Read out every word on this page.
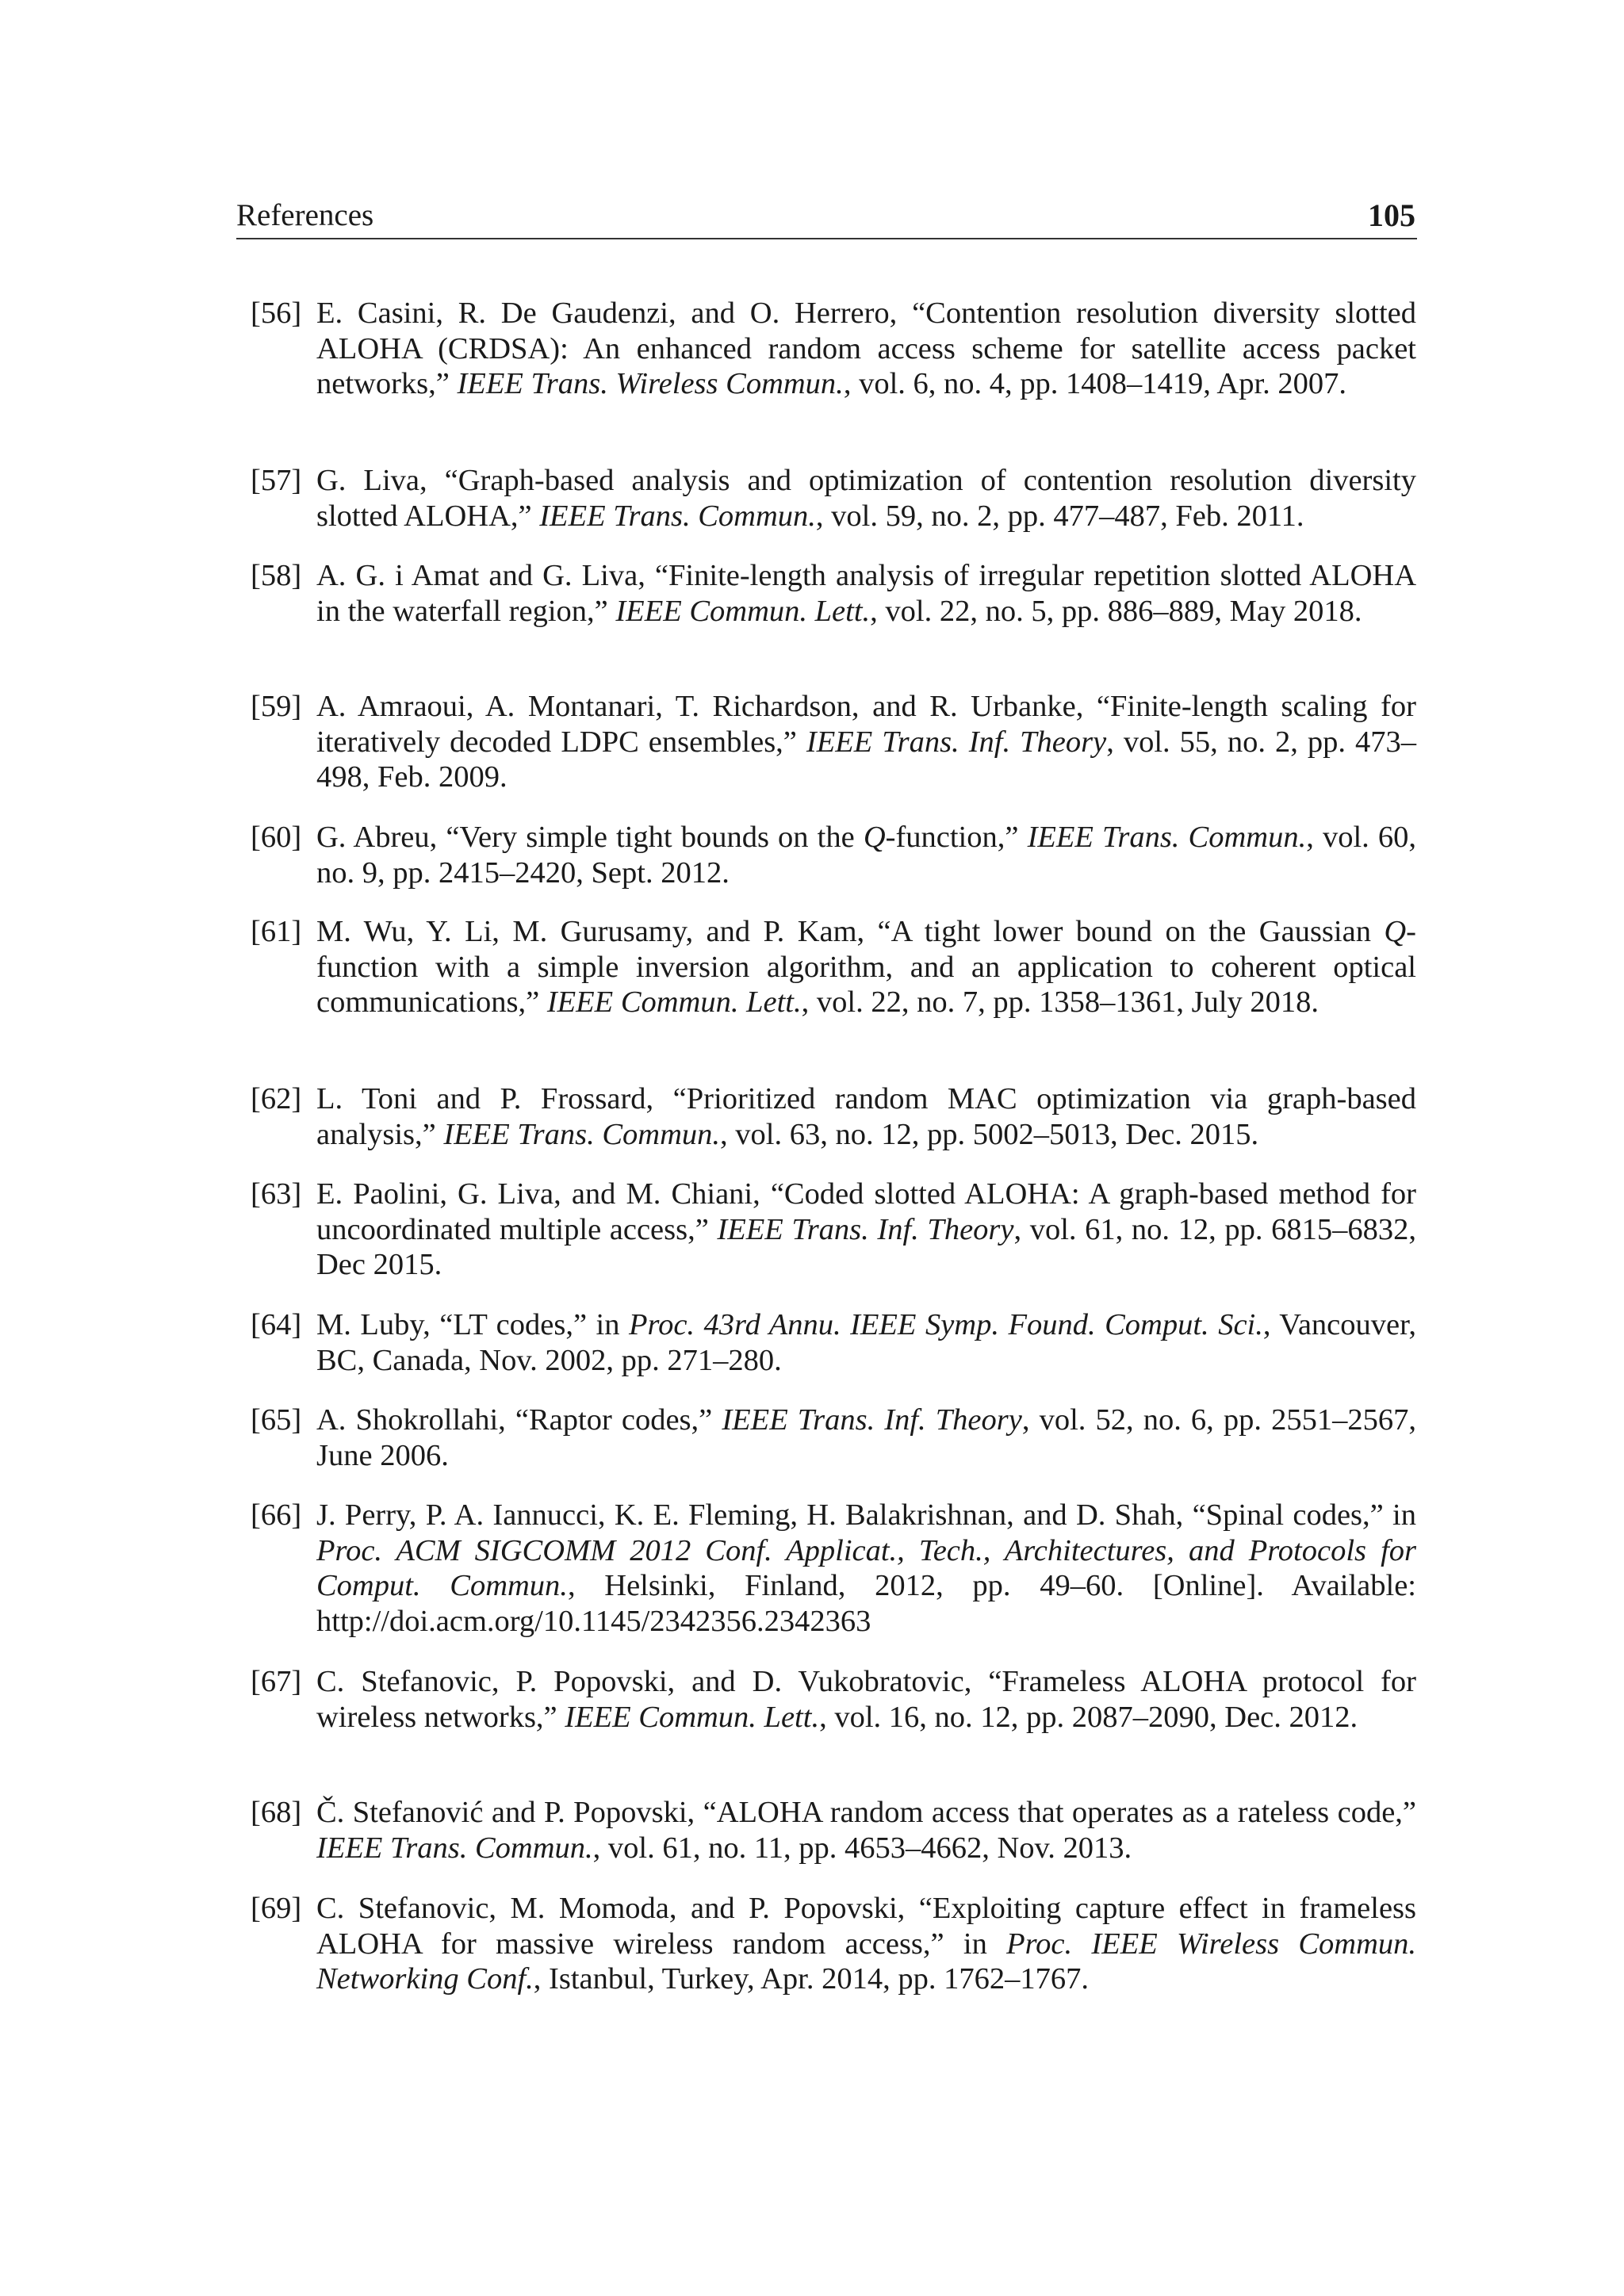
References	105
[56] E. Casini, R. De Gaudenzi, and O. Herrero, “Contention resolution diversity slotted ALOHA (CRDSA): An enhanced random access scheme for satellite access packet networks,” IEEE Trans. Wireless Commun., vol. 6, no. 4, pp. 1408–1419, Apr. 2007.
[57] G. Liva, “Graph-based analysis and optimization of contention resolution diversity slotted ALOHA,” IEEE Trans. Commun., vol. 59, no. 2, pp. 477–487, Feb. 2011.
[58] A. G. i Amat and G. Liva, “Finite-length analysis of irregular repetition slotted ALOHA in the waterfall region,” IEEE Commun. Lett., vol. 22, no. 5, pp. 886–889, May 2018.
[59] A. Amraoui, A. Montanari, T. Richardson, and R. Urbanke, “Finite-length scaling for iteratively decoded LDPC ensembles,” IEEE Trans. Inf. Theory, vol. 55, no. 2, pp. 473–498, Feb. 2009.
[60] G. Abreu, “Very simple tight bounds on the Q-function,” IEEE Trans. Commun., vol. 60, no. 9, pp. 2415–2420, Sept. 2012.
[61] M. Wu, Y. Li, M. Gurusamy, and P. Kam, “A tight lower bound on the Gaussian Q-function with a simple inversion algorithm, and an application to coherent optical communications,” IEEE Commun. Lett., vol. 22, no. 7, pp. 1358–1361, July 2018.
[62] L. Toni and P. Frossard, “Prioritized random MAC optimization via graph-based analysis,” IEEE Trans. Commun., vol. 63, no. 12, pp. 5002–5013, Dec. 2015.
[63] E. Paolini, G. Liva, and M. Chiani, “Coded slotted ALOHA: A graph-based method for uncoordinated multiple access,” IEEE Trans. Inf. Theory, vol. 61, no. 12, pp. 6815–6832, Dec 2015.
[64] M. Luby, “LT codes,” in Proc. 43rd Annu. IEEE Symp. Found. Comput. Sci., Vancouver, BC, Canada, Nov. 2002, pp. 271–280.
[65] A. Shokrollahi, “Raptor codes,” IEEE Trans. Inf. Theory, vol. 52, no. 6, pp. 2551–2567, June 2006.
[66] J. Perry, P. A. Iannucci, K. E. Fleming, H. Balakrishnan, and D. Shah, “Spinal codes,” in Proc. ACM SIGCOMM 2012 Conf. Applicat., Tech., Architectures, and Protocols for Comput. Commun., Helsinki, Finland, 2012, pp. 49–60. [Online]. Available: http://doi.acm.org/10.1145/2342356.2342363
[67] C. Stefanovic, P. Popovski, and D. Vukobratovic, “Frameless ALOHA protocol for wireless networks,” IEEE Commun. Lett., vol. 16, no. 12, pp. 2087–2090, Dec. 2012.
[68] Č. Stefanović and P. Popovski, “ALOHA random access that operates as a rateless code,” IEEE Trans. Commun., vol. 61, no. 11, pp. 4653–4662, Nov. 2013.
[69] C. Stefanovic, M. Momoda, and P. Popovski, “Exploiting capture effect in frameless ALOHA for massive wireless random access,” in Proc. IEEE Wireless Commun. Networking Conf., Istanbul, Turkey, Apr. 2014, pp. 1762–1767.
